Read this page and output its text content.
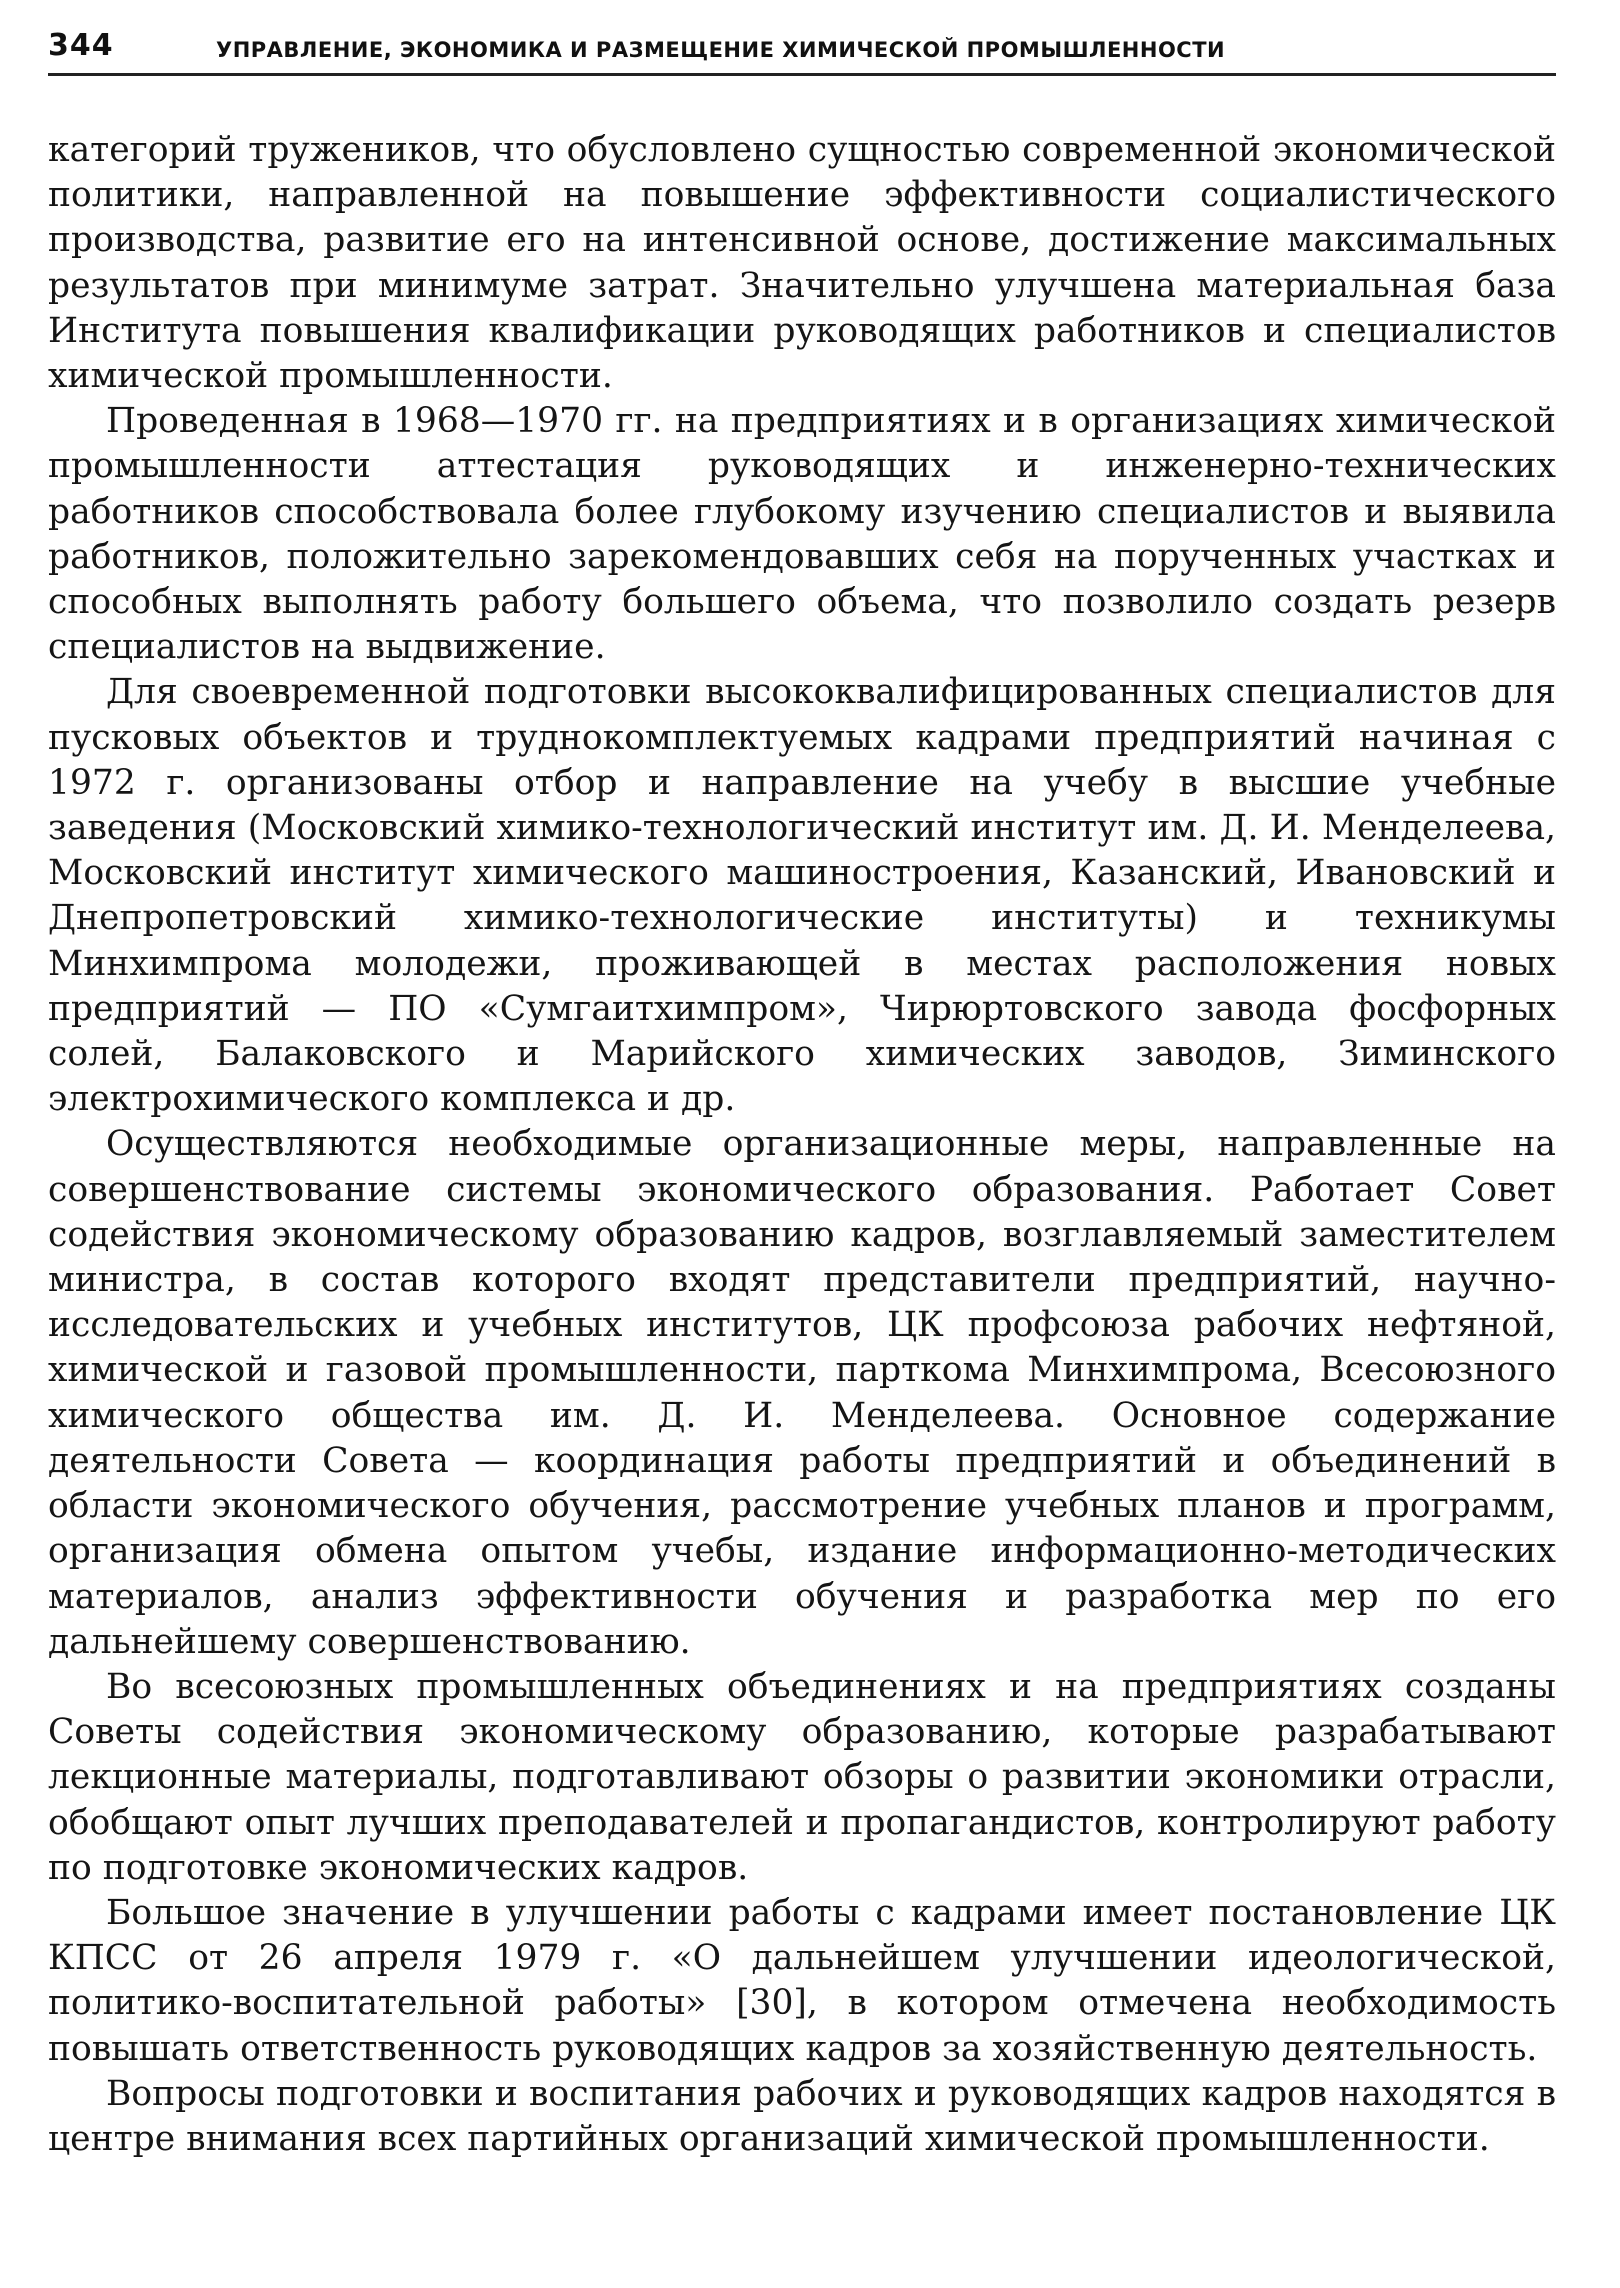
344	УПРАВЛЕНИЕ, ЭКОНОМИКА И РАЗМЕЩЕНИЕ ХИМИЧЕСКОЙ ПРОМЫШЛЕННОСТИ

категорий тружеников, что обусловлено сущностью современной экономической политики, направленной на повышение эффективности социалистического производства, развитие его на интенсивной основе, достижение максимальных результатов при минимуме затрат. Значительно улучшена материальная база Института повышения квалификации руководящих работников и специалистов химической промышленности.

Проведенная в 1968—1970 гг. на предприятиях и в организациях химической промышленности аттестация руководящих и инженерно-технических работников способствовала более глубокому изучению специалистов и выявила работников, положительно зарекомендовавших себя на порученных участках и способных выполнять работу большего объема, что позволило создать резерв специалистов на выдвижение.

Для своевременной подготовки высококвалифицированных специалистов для пусковых объектов и труднокомплектуемых кадрами предприятий начиная с 1972 г. организованы отбор и направление на учебу в высшие учебные заведения (Московский химико-технологический институт им. Д. И. Менделеева, Московский институт химического машиностроения, Казанский, Ивановский и Днепропетровский химико-технологические институты) и техникумы Минхимпрома молодежи, проживающей в местах расположения новых предприятий — ПО «Сумгаитхимпром», Чирюртовского завода фосфорных солей, Балаковского и Марийского химических заводов, Зиминского электрохимического комплекса и др.

Осуществляются необходимые организационные меры, направленные на совершенствование системы экономического образования. Работает Совет содействия экономическому образованию кадров, возглавляемый заместителем министра, в состав которого входят представители предприятий, научно-исследовательских и учебных институтов, ЦК профсоюза рабочих нефтяной, химической и газовой промышленности, парткома Минхимпрома, Всесоюзного химического общества им. Д. И. Менделеева. Основное содержание деятельности Совета — координация работы предприятий и объединений в области экономического обучения, рассмотрение учебных планов и программ, организация обмена опытом учебы, издание информационно-методических материалов, анализ эффективности обучения и разработка мер по его дальнейшему совершенствованию.

Во всесоюзных промышленных объединениях и на предприятиях созданы Советы содействия экономическому образованию, которые разрабатывают лекционные материалы, подготавливают обзоры о развитии экономики отрасли, обобщают опыт лучших преподавателей и пропагандистов, контролируют работу по подготовке экономических кадров.

Большое значение в улучшении работы с кадрами имеет постановление ЦК КПСС от 26 апреля 1979 г. «О дальнейшем улучшении идеологической, политико-воспитательной работы» [30], в котором отмечена необходимость повышать ответственность руководящих кадров за хозяйственную деятельность.

Вопросы подготовки и воспитания рабочих и руководящих кадров находятся в центре внимания всех партийных организаций химической промышленности.
